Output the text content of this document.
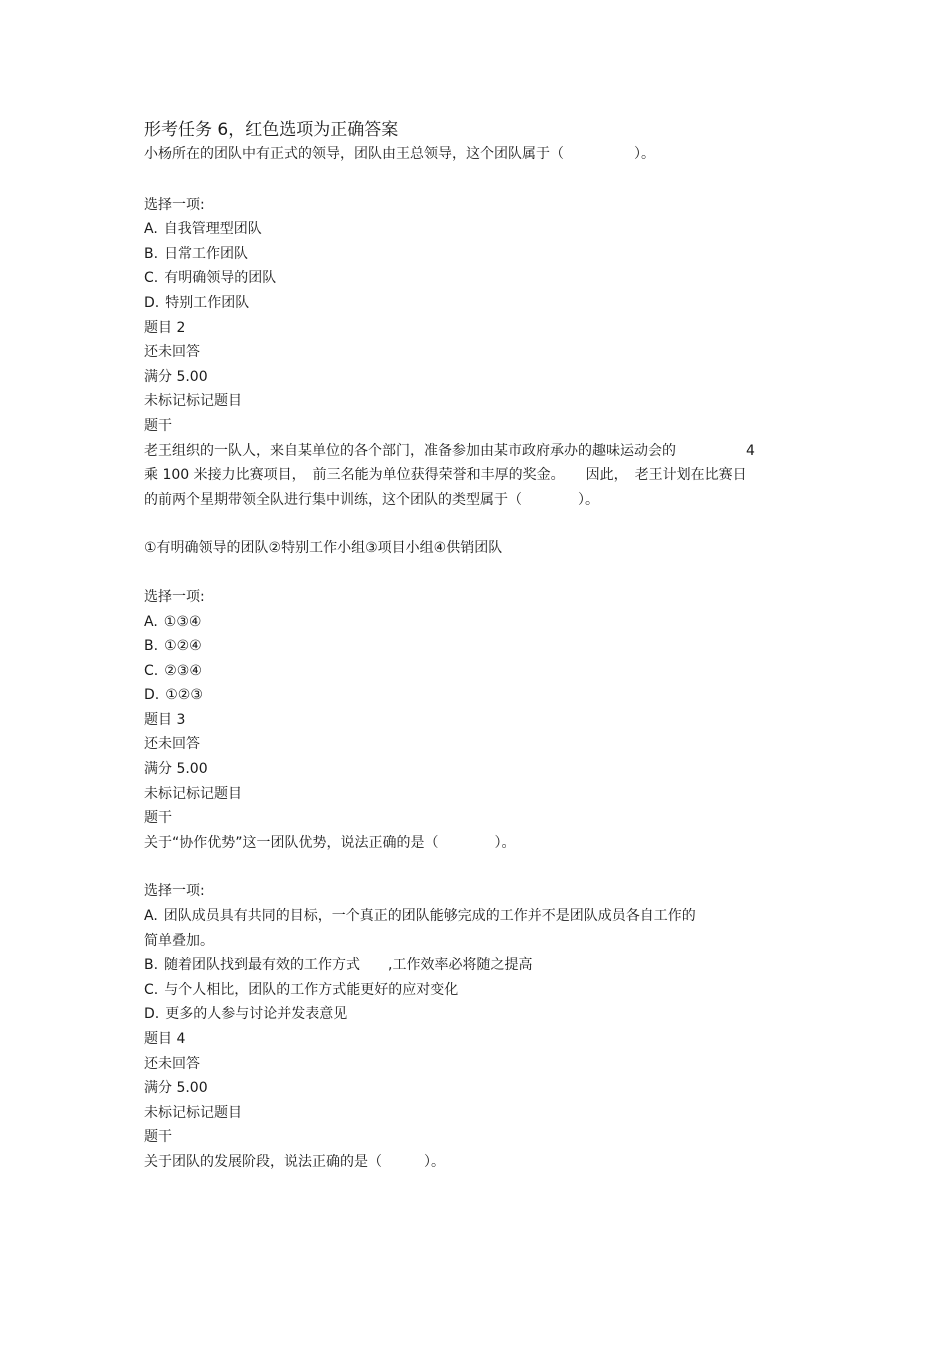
形考任务 6，红色选项为正确答案

小杨所在的团队中有正式的领导，团队由王总领导，这个团队属于（　　　　　）。

选择一项:

A. 自我管理型团队

B. 日常工作团队

C. 有明确领导的团队

D. 特别工作团队

题目 2

还未回答

满分 5.00

未标记标记题目

题干

老王组织的一队人，来自某单位的各个部门，准备参加由某市政府承办的趣味运动会的　　　　　4

乘 100 米接力比赛项目，　前三名能为单位获得荣誉和丰厚的奖金。　　因此，　老王计划在比赛日

的前两个星期带领全队进行集中训练，这个团队的类型属于（　　　　）。

①有明确领导的团队②特别工作小组③项目小组④供销团队

选择一项:

A. ①③④

B. ①②④

C. ②③④

D. ①②③

题目 3

还未回答

满分 5.00

未标记标记题目

题干

关于“协作优势”这一团队优势，说法正确的是（　　　　）。

选择一项:

A. 团队成员具有共同的目标，一个真正的团队能够完成的工作并不是团队成员各自工作的

简单叠加。

B. 随着团队找到最有效的工作方式　　,工作效率必将随之提高

C. 与个人相比，团队的工作方式能更好的应对变化

D. 更多的人参与讨论并发表意见

题目 4

还未回答

满分 5.00

未标记标记题目

题干

关于团队的发展阶段，说法正确的是（　　　）。
